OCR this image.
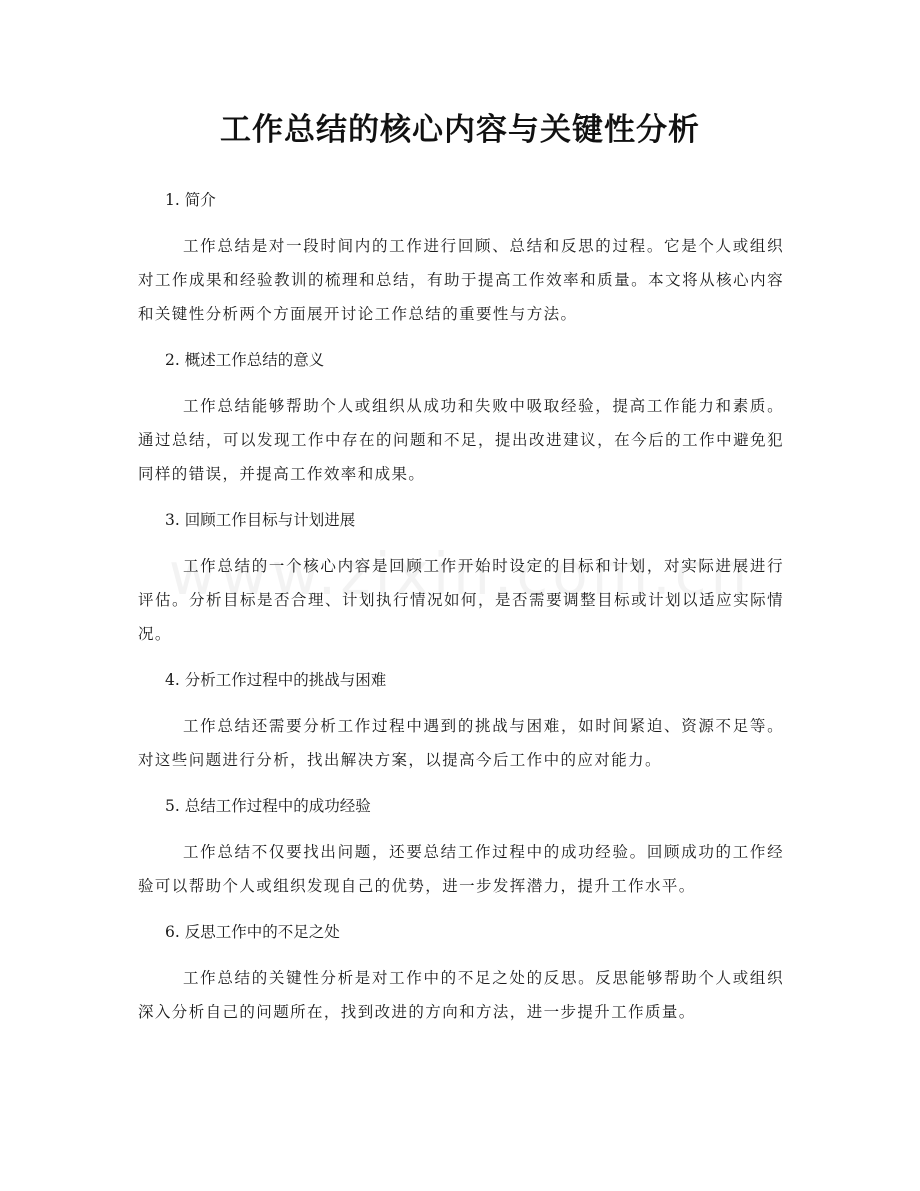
工作总结的核心内容与关键性分析
1. 简介

工作总结是对一段时间内的工作进行回顾、总结和反思的过程。它是个人或组织对工作成果和经验教训的梳理和总结，有助于提高工作效率和质量。本文将从核心内容和关键性分析两个方面展开讨论工作总结的重要性与方法。

2. 概述工作总结的意义

工作总结能够帮助个人或组织从成功和失败中吸取经验，提高工作能力和素质。通过总结，可以发现工作中存在的问题和不足，提出改进建议，在今后的工作中避免犯同样的错误，并提高工作效率和成果。

3. 回顾工作目标与计划进展

工作总结的一个核心内容是回顾工作开始时设定的目标和计划，对实际进展进行评估。分析目标是否合理、计划执行情况如何，是否需要调整目标或计划以适应实际情况。

4. 分析工作过程中的挑战与困难

工作总结还需要分析工作过程中遇到的挑战与困难，如时间紧迫、资源不足等。对这些问题进行分析，找出解决方案，以提高今后工作中的应对能力。

5. 总结工作过程中的成功经验

工作总结不仅要找出问题，还要总结工作过程中的成功经验。回顾成功的工作经验可以帮助个人或组织发现自己的优势，进一步发挥潜力，提升工作水平。

6. 反思工作中的不足之处

工作总结的关键性分析是对工作中的不足之处的反思。反思能够帮助个人或组织深入分析自己的问题所在，找到改进的方向和方法，进一步提升工作质量。
